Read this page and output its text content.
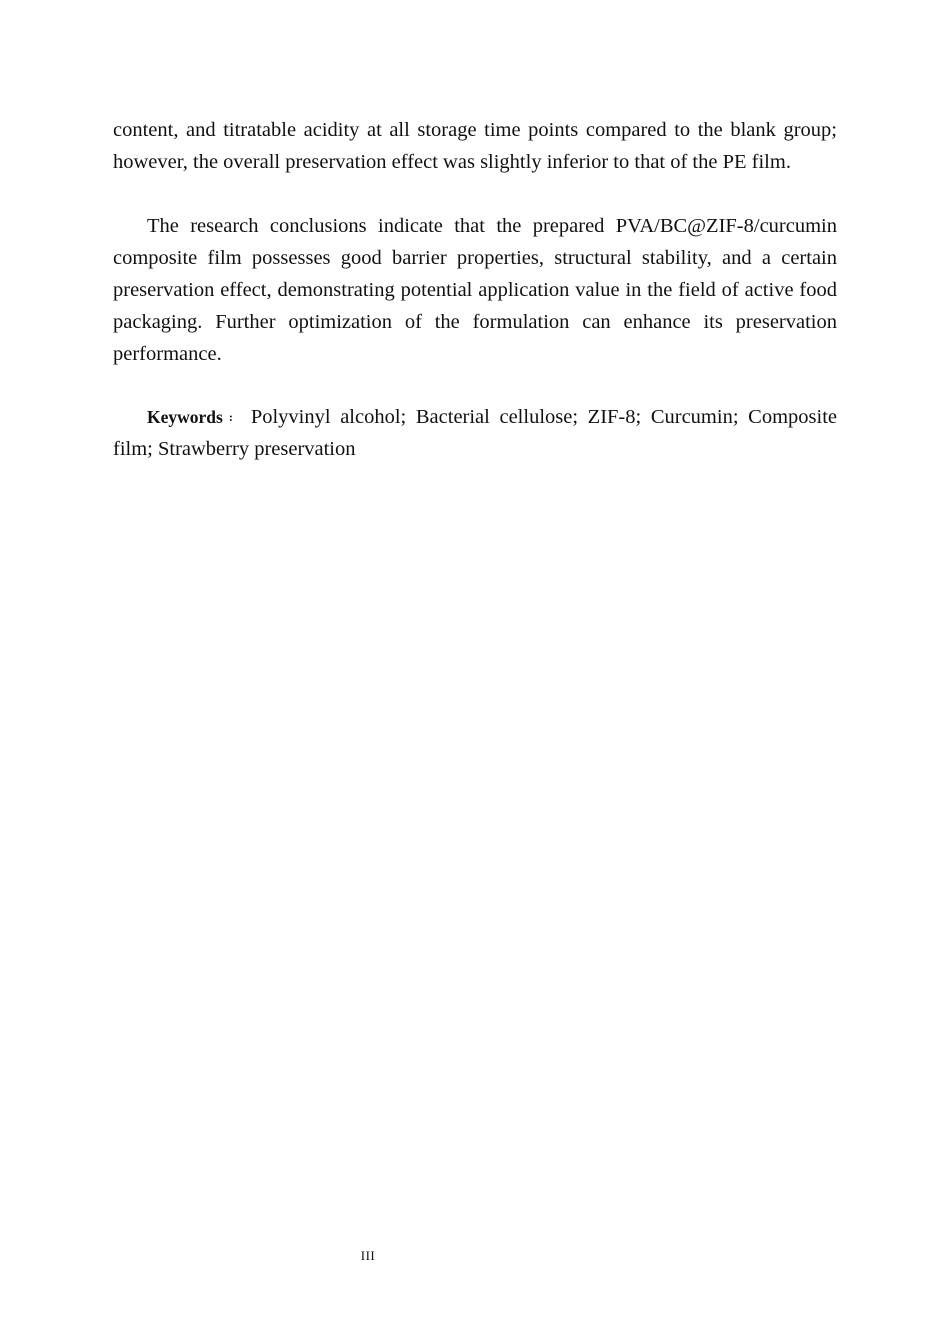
content, and titratable acidity at all storage time points compared to the blank group; however, the overall preservation effect was slightly inferior to that of the PE film.

The research conclusions indicate that the prepared PVA/BC@ZIF-8/curcumin composite film possesses good barrier properties, structural stability, and a certain preservation effect, demonstrating potential application value in the field of active food packaging. Further optimization of the formulation can enhance its preservation performance.

Keywords : Polyvinyl alcohol; Bacterial cellulose; ZIF-8; Curcumin; Composite film; Strawberry preservation

III
